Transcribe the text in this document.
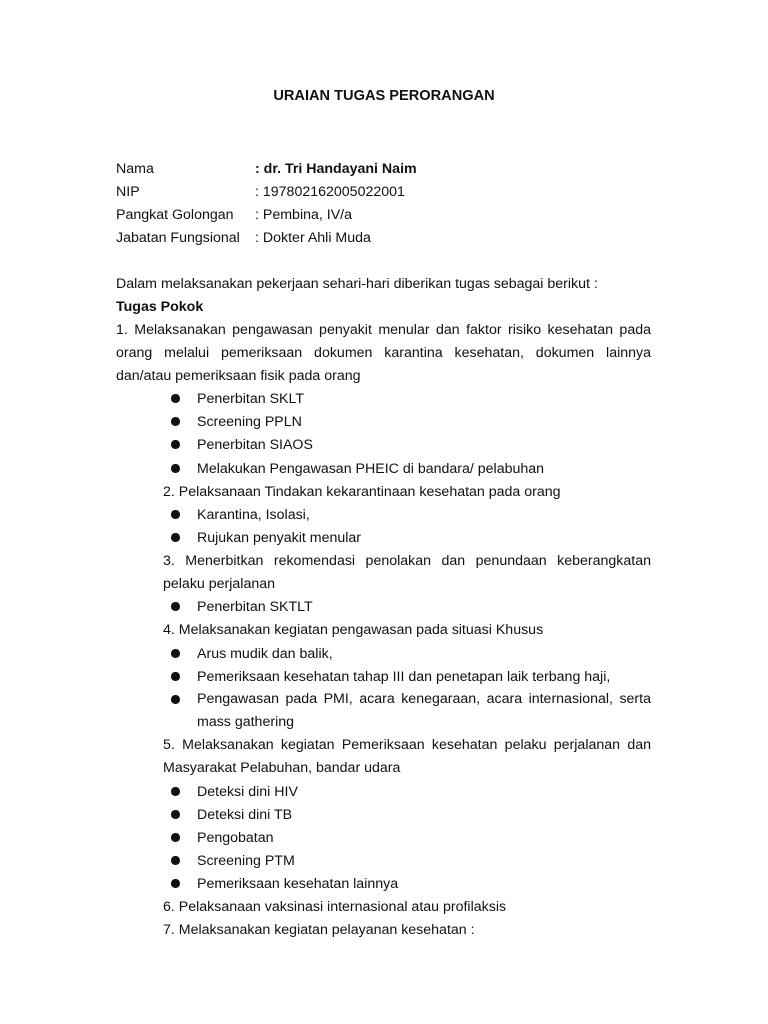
URAIAN TUGAS PERORANGAN
Nama	: dr. Tri Handayani Naim
NIP	: 197802162005022001
Pangkat Golongan : Pembina, IV/a
Jabatan Fungsional : Dokter Ahli Muda
Dalam melaksanakan pekerjaan sehari-hari diberikan tugas sebagai berikut :
Tugas Pokok
1. Melaksanakan pengawasan penyakit menular dan faktor risiko kesehatan pada orang melalui pemeriksaan dokumen karantina kesehatan, dokumen lainnya dan/atau pemeriksaan fisik pada orang
Penerbitan SKLT
Screening PPLN
Penerbitan SIAOS
Melakukan Pengawasan PHEIC di bandara/ pelabuhan
2. Pelaksanaan Tindakan kekarantinaan kesehatan pada orang
Karantina, Isolasi,
Rujukan penyakit menular
3. Menerbitkan rekomendasi penolakan dan penundaan keberangkatan pelaku perjalanan
Penerbitan SKTLT
4. Melaksanakan kegiatan pengawasan pada situasi Khusus
Arus mudik dan balik,
Pemeriksaan kesehatan tahap III dan penetapan laik terbang haji,
Pengawasan pada PMI, acara kenegaraan, acara internasional, serta mass gathering
5. Melaksanakan kegiatan Pemeriksaan kesehatan pelaku perjalanan dan Masyarakat Pelabuhan, bandar udara
Deteksi dini HIV
Deteksi dini TB
Pengobatan
Screening PTM
Pemeriksaan kesehatan lainnya
6. Pelaksanaan vaksinasi internasional atau profilaksis
7. Melaksanakan kegiatan pelayanan kesehatan :
